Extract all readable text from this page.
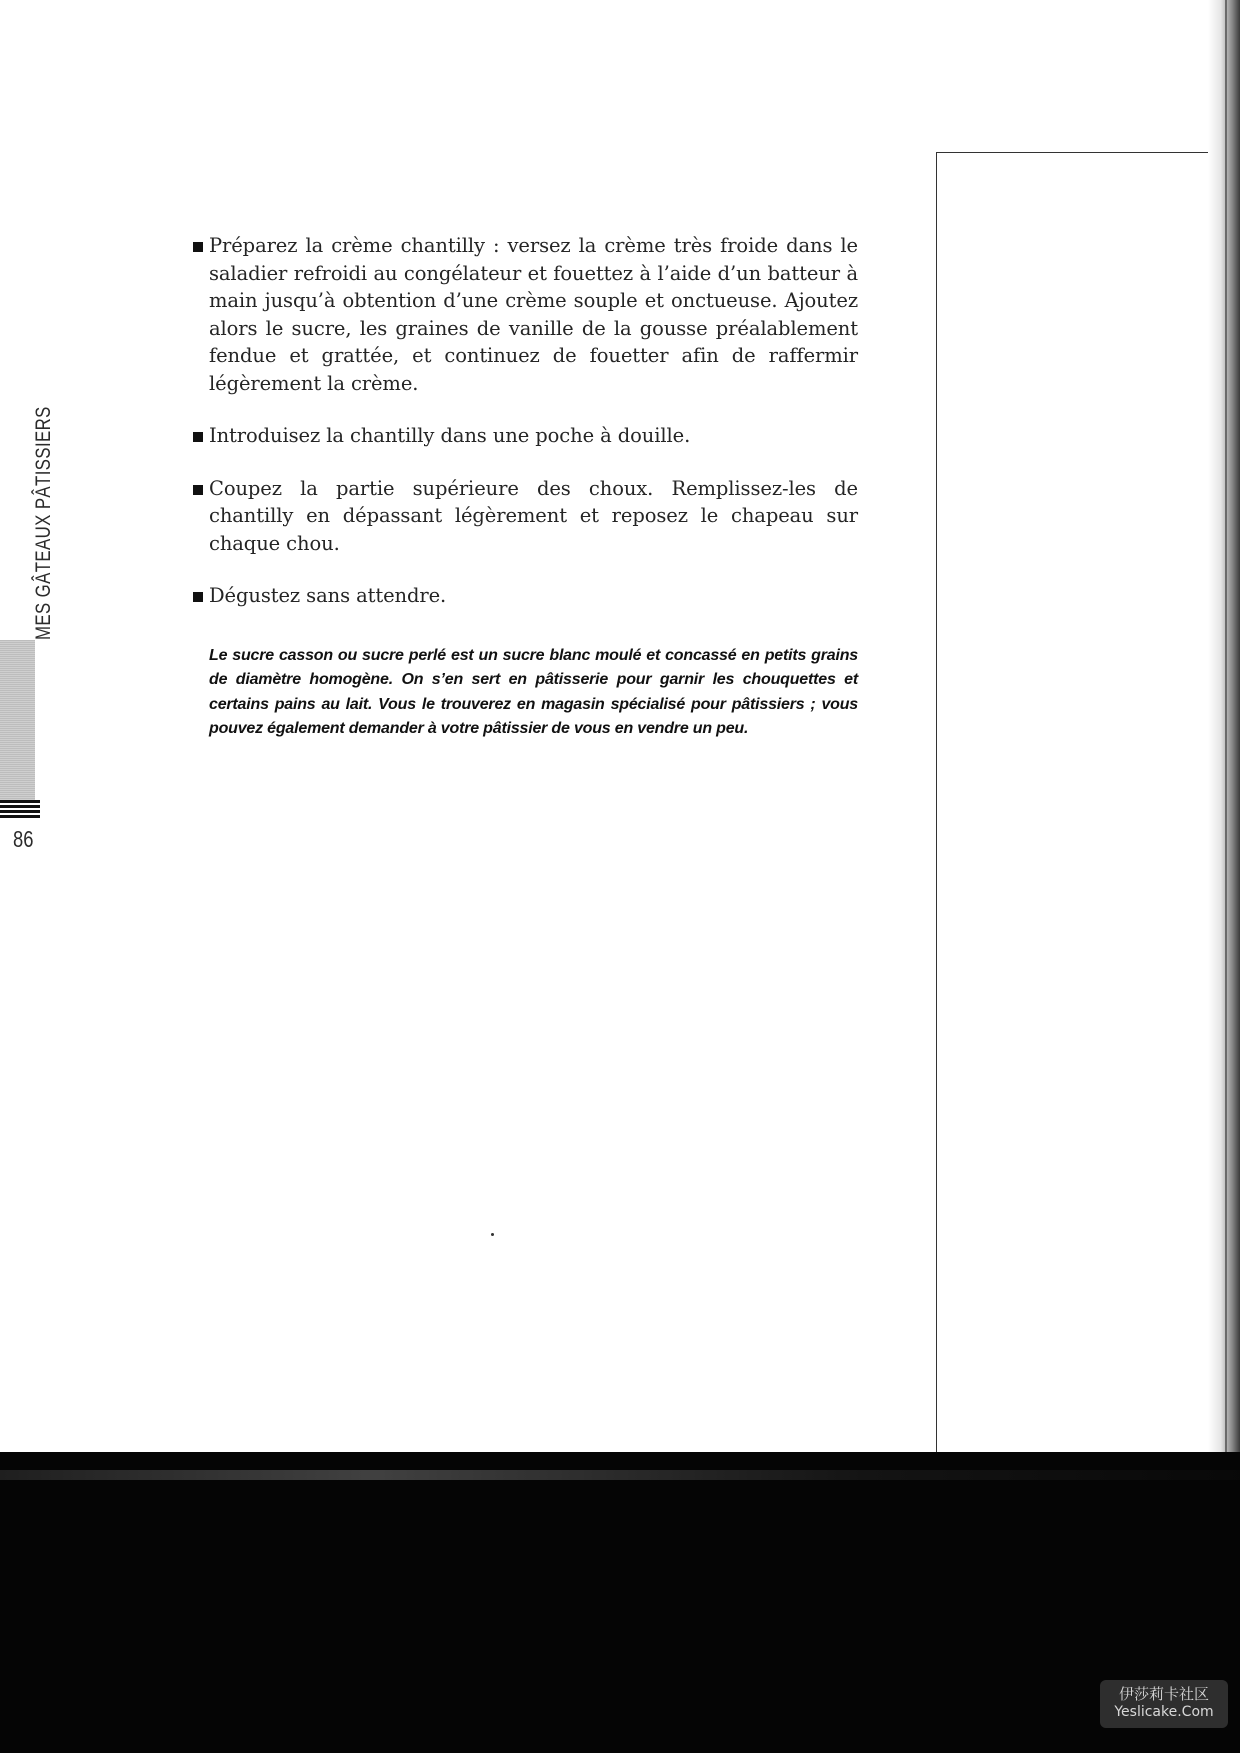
MES GÂTEAUX PÂTISSIERS
86
Préparez la crème chantilly : versez la crème très froide dans le saladier refroidi au congélateur et fouettez à l’aide d’un batteur à main jusqu’à obtention d’une crème souple et onctueuse. Ajoutez alors le sucre, les graines de vanille de la gousse préalablement fendue et grattée, et continuez de fouetter afin de raffermir légèrement la crème.
Introduisez la chantilly dans une poche à douille.
Coupez la partie supérieure des choux. Remplissez-les de chantilly en dépassant légèrement et reposez le chapeau sur chaque chou.
Dégustez sans attendre.
Le sucre casson ou sucre perlé est un sucre blanc moulé et concassé en petits grains de diamètre homogène. On s’en sert en pâtisserie pour garnir les chouquettes et certains pains au lait. Vous le trouverez en magasin spécialisé pour pâtissiers ; vous pouvez également demander à votre pâtissier de vous en vendre un peu.
伊莎莉卡社区
Yeslicake.Com
